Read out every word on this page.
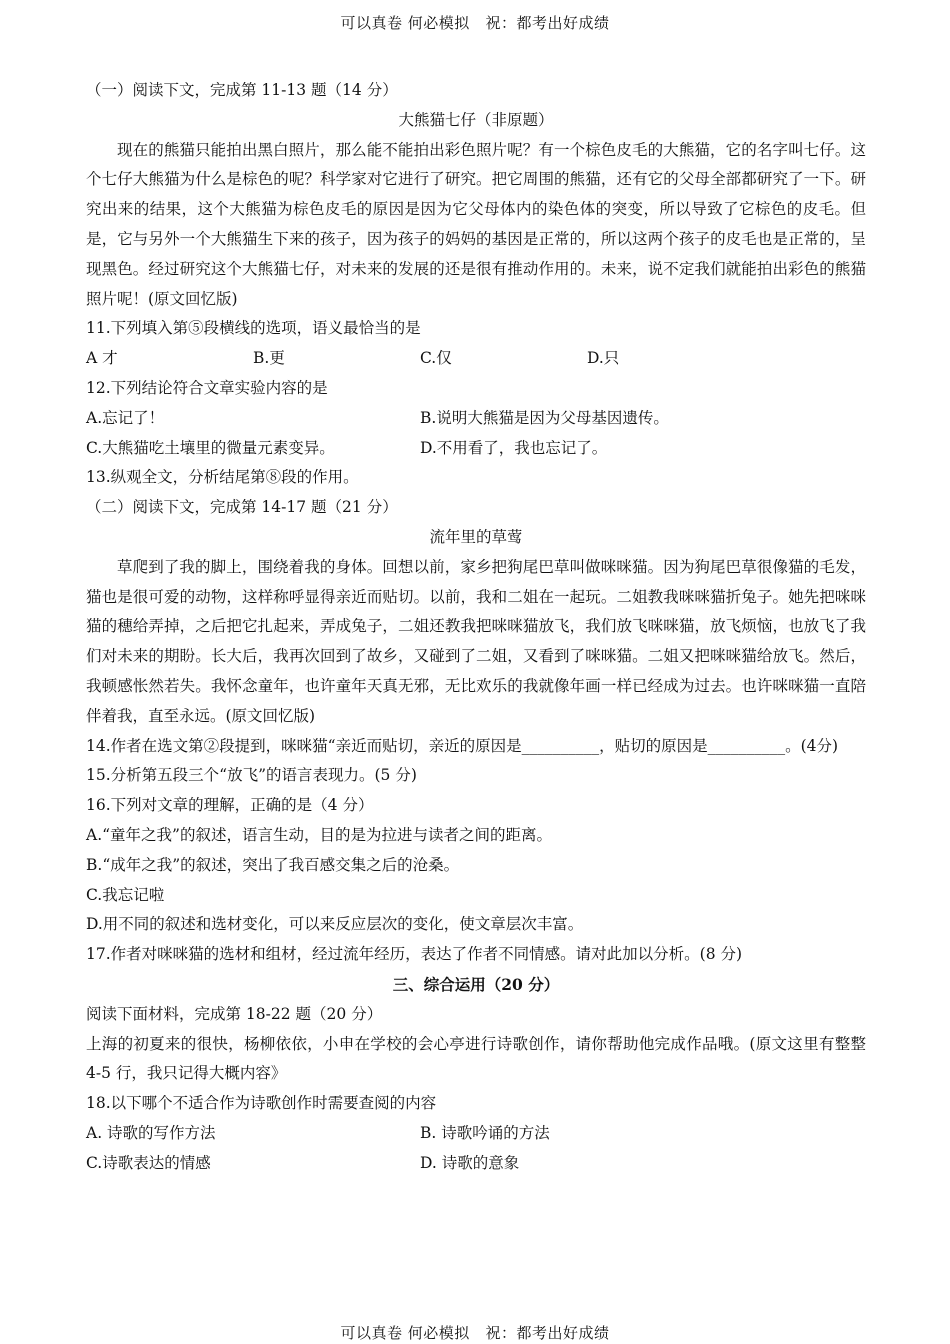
可以真卷 何必模拟   祝：都考出好成绩
（一）阅读下文，完成第 11-13 题（14 分）
大熊猫七仔（非原题）

现在的熊猫只能拍出黑白照片，那么能不能拍出彩色照片呢？有一个棕色皮毛的大熊猫，它的名字叫七仔。这个七仔大熊猫为什么是棕色的呢？科学家对它进行了研究。把它周围的熊猫，还有它的父母全部都研究了一下。研究出来的结果，这个大熊猫为棕色皮毛的原因是因为它父母体内的染色体的突变，所以导致了它棕色的皮毛。但是，它与另外一个大熊猫生下来的孩子，因为孩子的妈妈的基因是正常的，所以这两个孩子的皮毛也是正常的，呈现黑色。经过研究这个大熊猫七仔，对未来的发展的还是很有推动作用的。未来，说不定我们就能拍出彩色的熊猫照片呢！(原文回忆版)

11.下列填入第⑤段横线的选项，语义最恰当的是
A 才	B.更	C.仅	D.只
12.下列结论符合文章实验内容的是
A.忘记了！	B.说明大熊猫是因为父母基因遗传。
C.大熊猫吃土壤里的微量元素变异。	D.不用看了，我也忘记了。
13.纵观全文，分析结尾第⑧段的作用。
（二）阅读下文，完成第 14-17 题（21 分）
流年里的草莺

草爬到了我的脚上，围绕着我的身体。回想以前，家乡把狗尾巴草叫做咪咪猫。因为狗尾巴草很像猫的毛发，猫也是很可爱的动物，这样称呼显得亲近而贴切。以前，我和二姐在一起玩。二姐教我咪咪猫折兔子。她先把咪咪猫的穗给弄掉，之后把它扎起来，弄成兔子，二姐还教我把咪咪猫放飞，我们放飞咪咪猫，放飞烦恼，也放飞了我们对未来的期盼。长大后，我再次回到了故乡，又碰到了二姐，又看到了咪咪猫。二姐又把咪咪猫给放飞。然后，我顿感怅然若失。我怀念童年，也许童年天真无邪，无比欢乐的我就像年画一样已经成为过去。也许咪咪猫一直陪伴着我，直至永远。(原文回忆版)

14.作者在选文第②段提到，咪咪猫“亲近而贴切，亲近的原因是__________，贴切的原因是__________。(4分)

15.分析第五段三个“放飞”的语言表现力。(5 分)
16.下列对文章的理解，正确的是（4 分）
A.“童年之我”的叙述，语言生动，目的是为拉进与读者之间的距离。
B.“成年之我”的叙述，突出了我百感交集之后的沧桑。
C.我忘记啦
D.用不同的叙述和选材变化，可以来反应层次的变化，使文章层次丰富。
17.作者对咪咪猫的选材和组材，经过流年经历，表达了作者不同情感。请对此加以分析。(8 分)
三、综合运用（20 分）
阅读下面材料，完成第 18-22 题（20 分）

上海的初夏来的很快，杨柳依依，小申在学校的会心亭进行诗歌创作，请你帮助他完成作品哦。(原文这里有整整 4-5 行，我只记得大概内容》

18.以下哪个不适合作为诗歌创作时需要查阅的内容
A. 诗歌的写作方法	B. 诗歌吟诵的方法
C.诗歌表达的情感	D. 诗歌的意象
可以真卷 何必模拟   祝：都考出好成绩
